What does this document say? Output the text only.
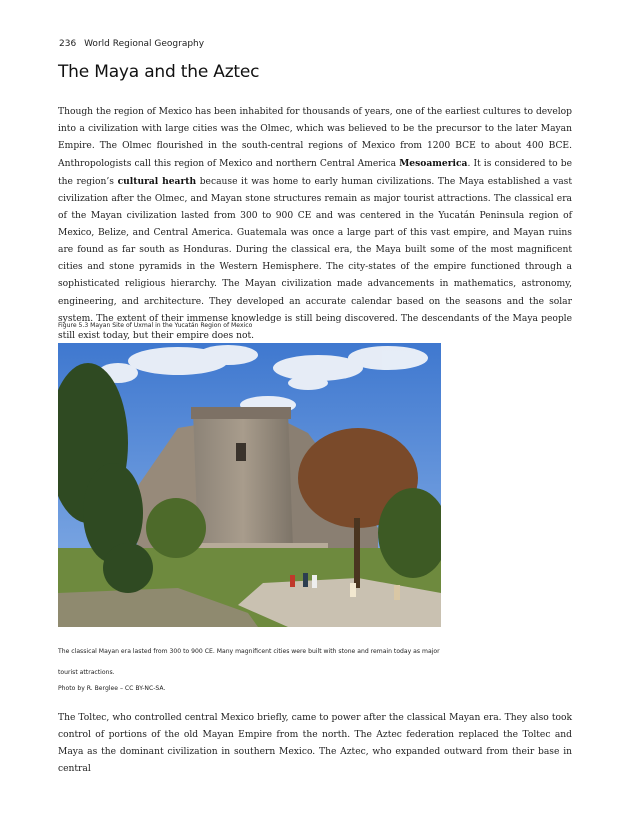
236 World Regional Geography
The Maya and the Aztec

Though the region of Mexico has been inhabited for thousands of years, one of the earliest cultures to develop into a civilization with large cities was the Olmec, which was believed to be the precursor to the later Mayan Empire. The Olmec flourished in the south-central regions of Mexico from 1200 BCE to about 400 BCE. Anthropologists call this region of Mexico and northern Central America Mesoamerica. It is considered to be the region’s cultural hearth because it was home to early human civilizations. The Maya established a vast civilization after the Olmec, and Mayan stone structures remain as major tourist attractions. The classical era of the Mayan civilization lasted from 300 to 900 CE and was centered in the Yucatán Peninsula region of Mexico, Belize, and Central America. Guatemala was once a large part of this vast empire, and Mayan ruins are found as far south as Honduras. During the classical era, the Maya built some of the most magnificent cities and stone pyramids in the Western Hemisphere. The city-states of the empire functioned through a sophisticated religious hierarchy. The Mayan civilization made advancements in mathematics, astronomy, engineering, and architecture. They developed an accurate calendar based on the seasons and the solar system. The extent of their immense knowledge is still being discovered. The descendants of the Maya people still exist today, but their empire does not.

Figure 5.3 Mayan Site of Uxmal in the Yucatán Region of Mexico

The classical Mayan era lasted from 300 to 900 CE. Many magnificent cities were built with stone and remain today as major tourist attractions.

Photo by R. Berglee – CC BY-NC-SA.

The Toltec, who controlled central Mexico briefly, came to power after the classical Mayan era. They also took control of portions of the old Mayan Empire from the north. The Aztec federation replaced the Toltec and Maya as the dominant civilization in southern Mexico. The Aztec, who expanded outward from their base in central
